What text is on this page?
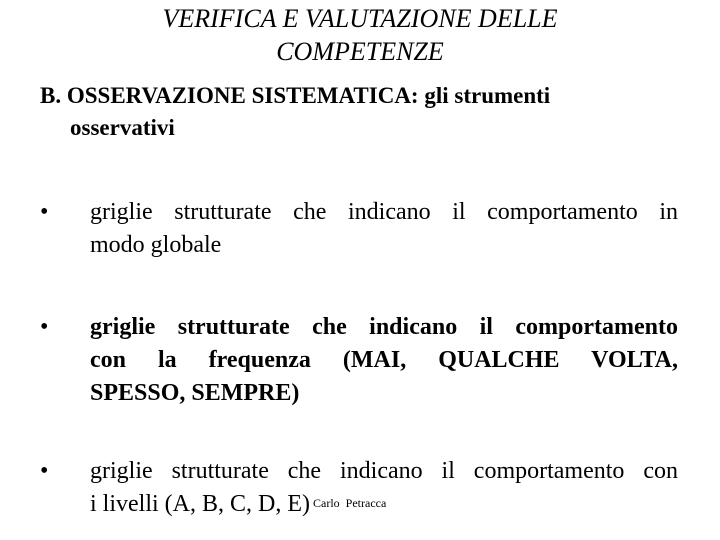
VERIFICA E VALUTAZIONE DELLE
COMPETENZE
B. OSSERVAZIONE SISTEMATICA: gli strumenti
osservativi
•	griglie strutturate che indicano il comportamento in
modo globale
•	griglie strutturate che indicano il comportamento
con la frequenza (MAI, QUALCHE VOLTA,
SPESSO, SEMPRE)
•	griglie strutturate che indicano il comportamento con
i livelli (A, B, C, D, E) Carlo  Petracca
